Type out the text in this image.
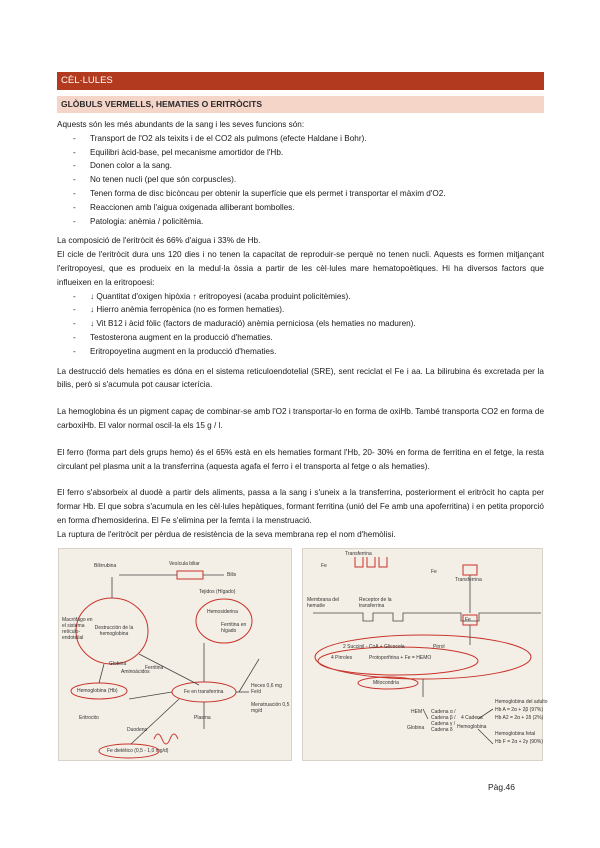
CÈL·LULES
GLÒBULS VERMELLS, HEMATIES O ERITRÒCITS

Aquests són les més abundants de la sang i les seves funcions són:

- Transport de l'O2 als teixits i de el CO2 als pulmons (efecte Haldane i Bohr).
- Equilibri àcid-base, pel mecanisme amortidor de l'Hb.
- Donen color a la sang.
- No tenen nucli (pel que són corpuscles).
- Tenen forma de disc bicòncau per obtenir la superfície que els permet i transportar el màxim d'O2.
- Reaccionen amb l'aigua oxigenada alliberant bombolles.
- Patologia: anèmia / policitèmia.

La composició de l'eritròcit és 66% d'aigua i 33% de Hb.

El cicle de l'eritròcit dura uns 120 dies i no tenen la capacitat de reproduir-se perquè no tenen nucli. Aquests es formen mitjançant l'eritropoyesi, que es produeix en la medul·la òssia a partir de les cèl·lules mare hematopoètiques. Hi ha diversos factors que influeixen en la eritropoesi:

- ↓ Quantitat d'oxigen hipòxia ↑ eritropoyesi (acaba produint policitèmies).
- ↓ Hierro anèmia ferropènica (no es formen hematies).
- ↓ Vit B12 i àcid fòlic (factors de maduració) anèmia perniciosa (els hematies no maduren).
- Testosterona augment en la producció d'hematies.
- Eritropoyetina augment en la producció d'hematies.

La destrucció dels hematies es dóna en el sistema reticuloendotelial (SRE), sent reciclat el Fe i aa. La bilirubina és excretada per la bilis, però si s'acumula pot causar icterícia.

La hemoglobina és un pigment capaç de combinar-se amb l'O2 i transportar-lo en forma de oxiHb. També transporta CO2 en forma de carboxiHb. El valor normal oscil·la els 15 g / l.

El ferro (forma part dels grups hemo) és el 65% està en els hematies formant l'Hb, 20- 30% en forma de ferritina en el fetge, la resta circulant pel plasma unit a la transferrina (aquesta agafa el ferro i el transporta al fetge o als hematies).

El ferro s'absorbeix al duodè a partir dels aliments, passa a la sang i s'uneix a la transferrina, posteriorment el eritròcit ho capta per formar Hb. El que sobra s'acumula en les cèl·lules hepàtiques, formant ferritina (unió del Fe amb una apoferritina) i en petita proporció en forma d'hemosiderina. El Fe s'elimina per la femta i la menstruació.

La ruptura de l'eritròcit per pèrdua de resistència de la seva membrana rep el nom d'hemòlisi.

Bilirrubina	Vesícula biliar
Bilis
Macrófago en el sistema retículo-endotelial
Destrucción de la hemoglobina
Tejidos (Hígado)
Hemosiderina
Ferritina en hígado
Globina
Aminoácidos
Ferritina
Hemoglobina (Hb)	Fe en transferrina
Heces 0,6 mg Fe/d
Menstruación 0,5 mg/d
Eritrocito
Duodeno
Plasma
Fe dietético (0,5 - 1,0 mg/d)
Transferrina
Fe
Fe
Transferrina
Membrana del hematíe
Receptor de la transferrina
Fe
2 Succinil - CoA + Glicocola	Pirrol
4 Pirroles	Protoporfirina + Fe = HEMO
Mitocondria
HEM
Globina
Cadena α / Cadena β / Cadena γ / Cadena δ
4 Cadena
Hemoglobina
Hemoglobina del adulto
Hb A = 2α + 2β (97%)
Hb A2 = 2α + 2δ (2%)
Hemoglobina fetal
Hb F = 2α + 2γ (90%)
Pàg.46
